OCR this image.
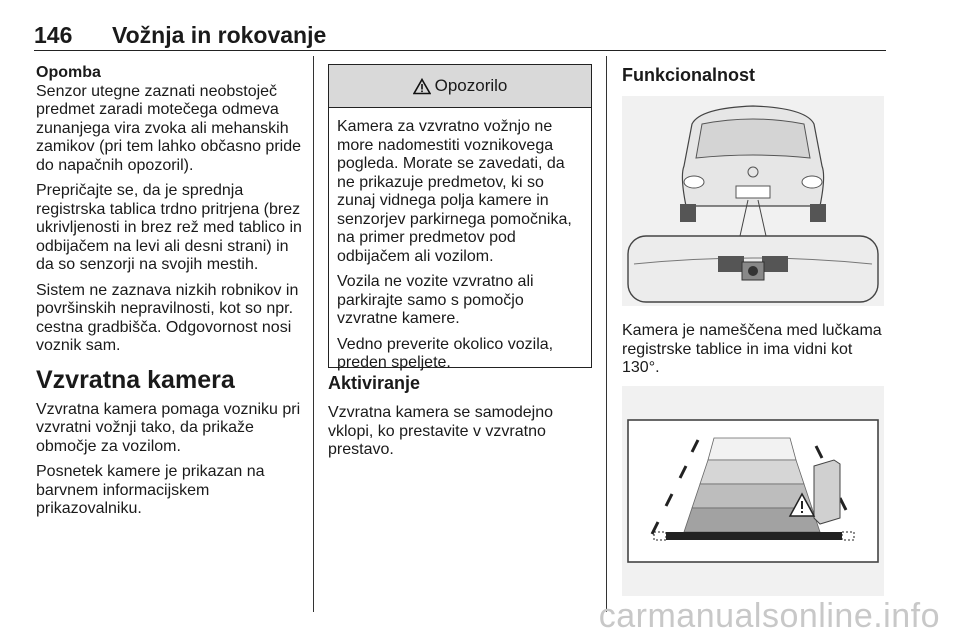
146 Vožnja in rokovanje
Opomba

Senzor utegne zaznati neobstoječ predmet zaradi motečega odmeva zunanjega vira zvoka ali mehanskih zamikov (pri tem lahko občasno pride do napačnih opozoril).

Prepričajte se, da je sprednja registrska tablica trdno pritrjena (brez ukrivljenosti in brez rež med tablico in odbijačem na levi ali desni strani) in da so senzorji na svojih mestih.

Sistem ne zaznava nizkih robnikov in površinskih nepravilnosti, kot so npr. cestna gradbišča. Odgovornost nosi voznik sam.

Vzvratna kamera

Vzvratna kamera pomaga vozniku pri vzvratni vožnji tako, da prikaže območje za vozilom.

Posnetek kamere je prikazan na barvnem informacijskem prikazovalniku.

Opozorilo

Kamera za vzvratno vožnjo ne more nadomestiti voznikovega pogleda. Morate se zavedati, da ne prikazuje predmetov, ki so zunaj vidnega polja kamere in senzorjev parkirnega pomočnika, na primer predmetov pod odbijačem ali vozilom.

Vozila ne vozite vzvratno ali parkirajte samo s pomočjo vzvratne kamere.

Vedno preverite okolico vozila, preden speljete.

Aktiviranje

Vzvratna kamera se samodejno vklopi, ko prestavite v vzvratno prestavo.

Funkcionalnost

Kamera je nameščena med lučkama registrske tablice in ima vidni kot 130°.

carmanualsonline.info
